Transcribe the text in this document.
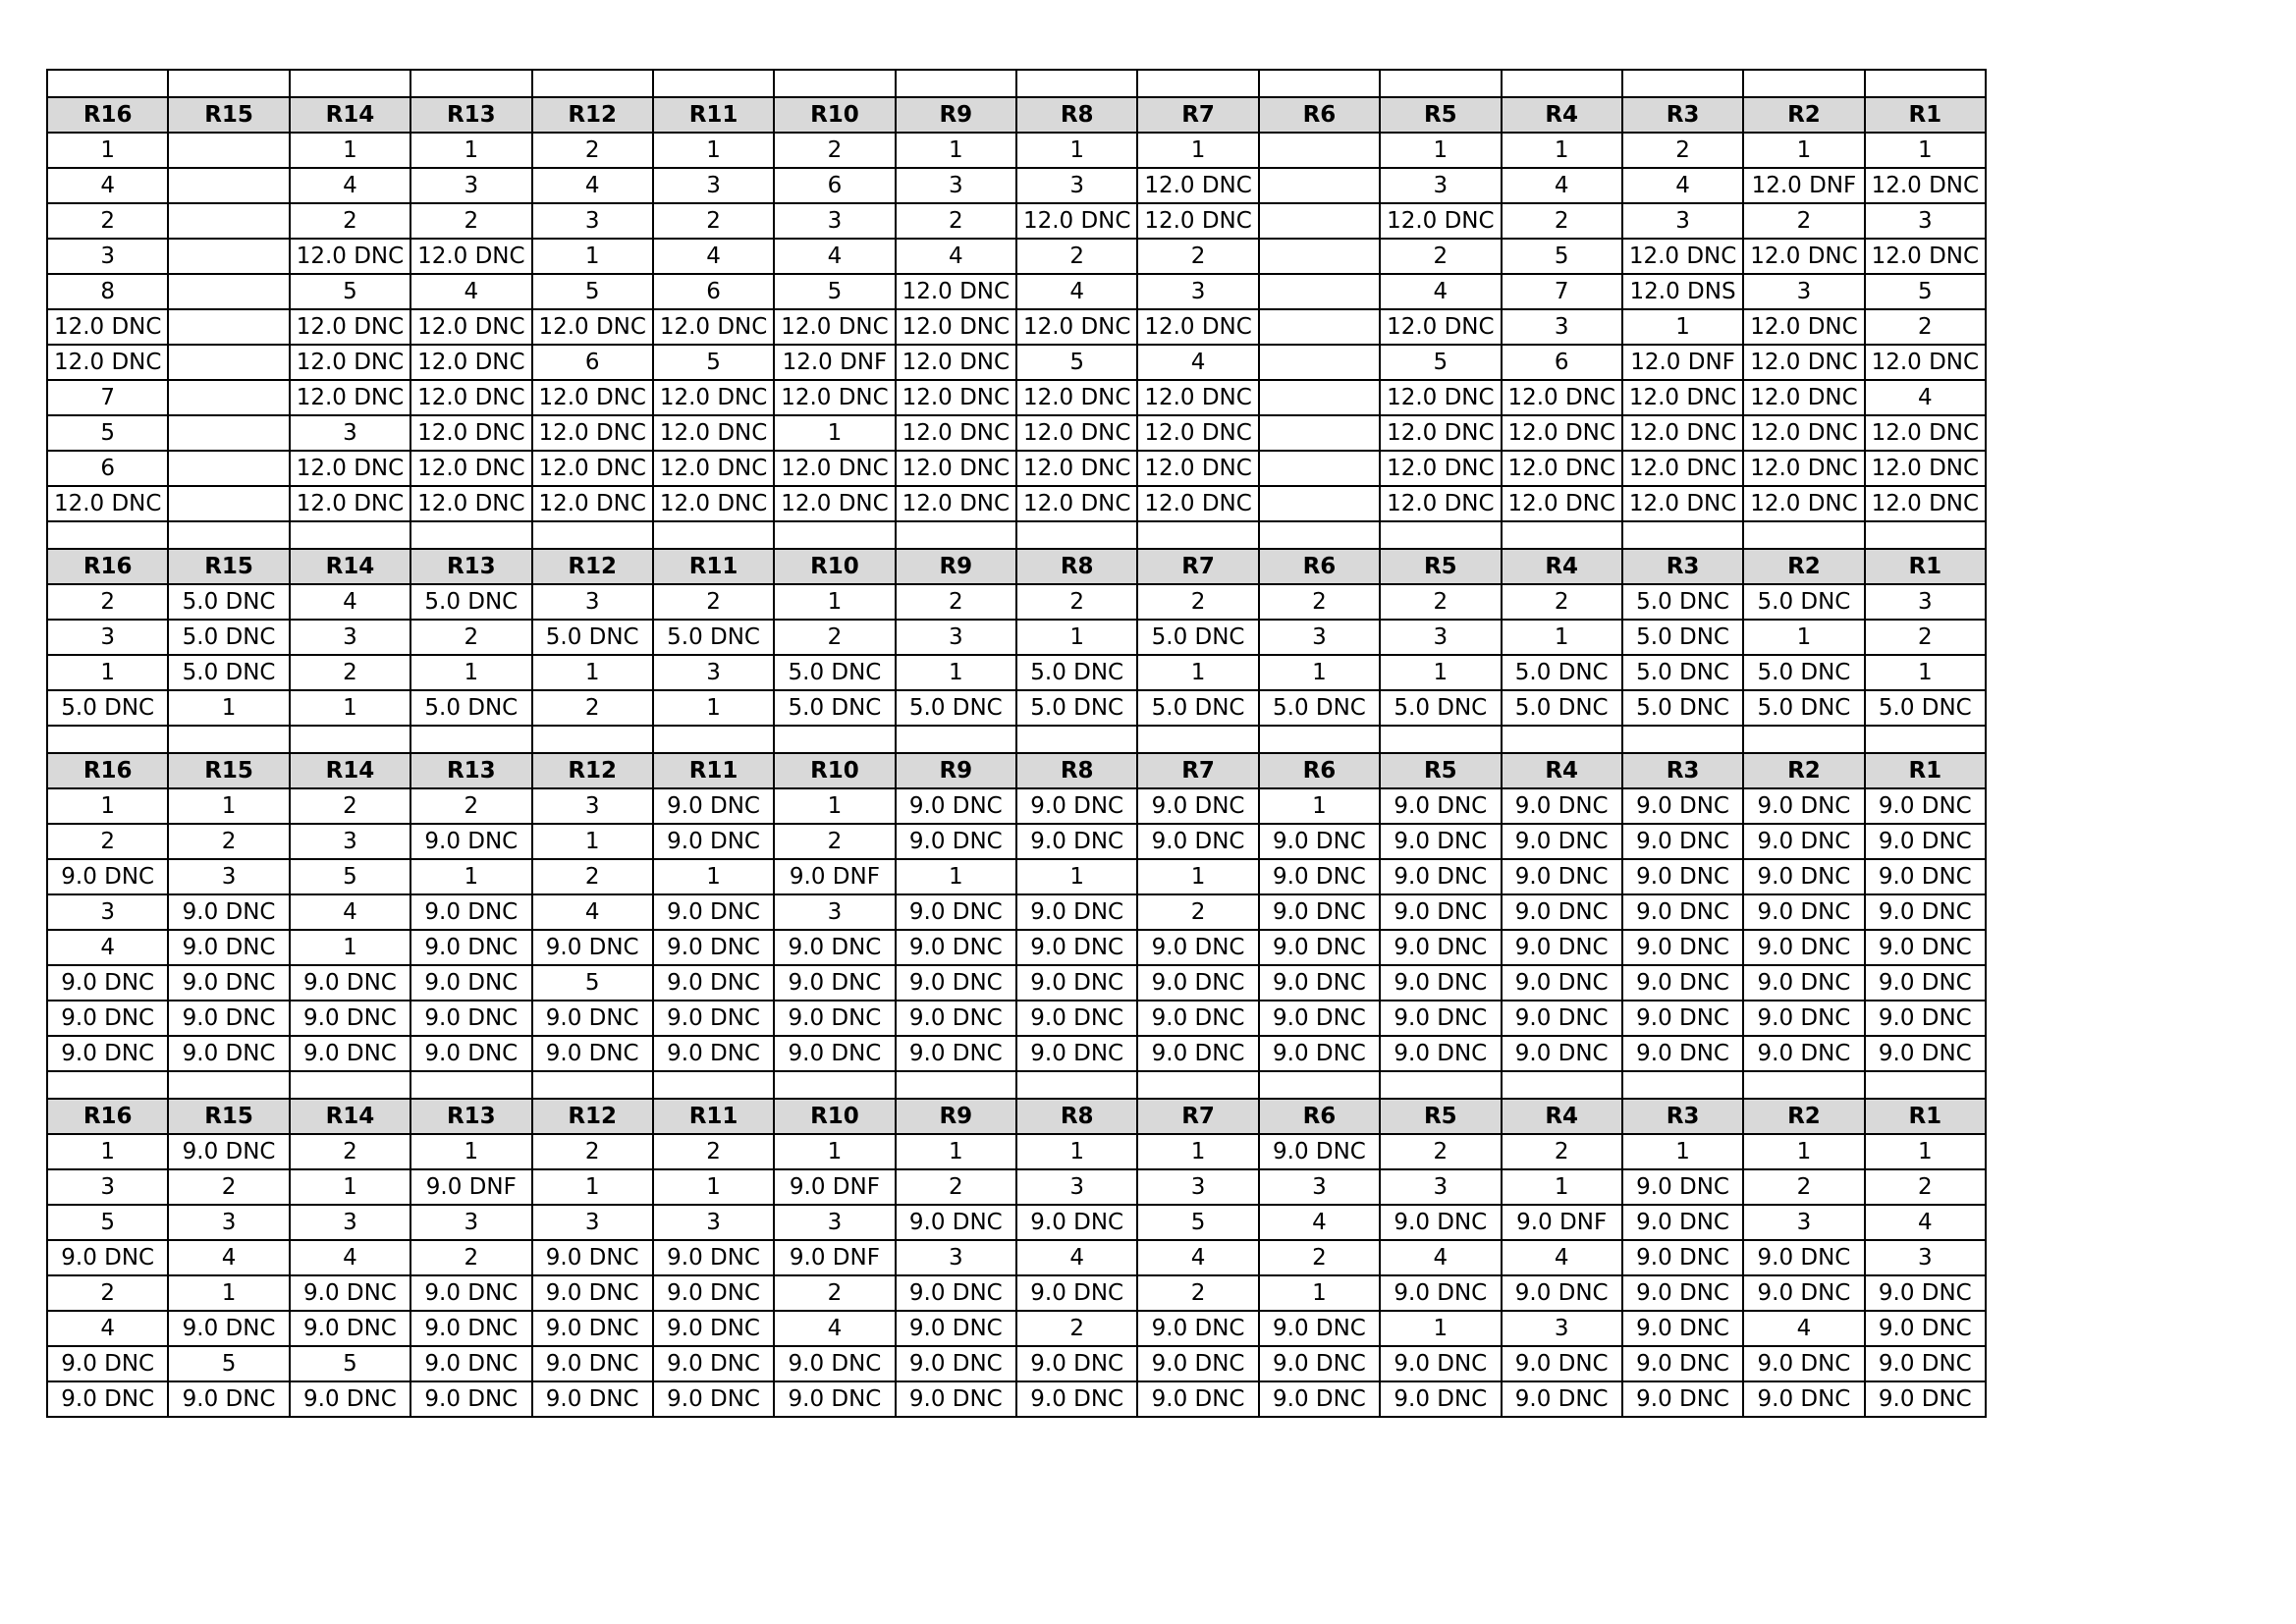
R16	R15	R14	R13	R12	R11	R10	R9	R8	R7	R6	R5	R4	R3	R2	R1
1		1	1	2	1	2	1	1	1		1	1	2	1	1
4		4	3	4	3	6	3	3	12.0 DNC		3	4	4	12.0 DNF	12.0 DNC
2		2	2	3	2	3	2	12.0 DNC	12.0 DNC		12.0 DNC	2	3	2	3
3		12.0 DNC	12.0 DNC	1	4	4	4	2	2		2	5	12.0 DNC	12.0 DNC	12.0 DNC
8		5	4	5	6	5	12.0 DNC	4	3		4	7	12.0 DNS	3	5
12.0 DNC		12.0 DNC	12.0 DNC	12.0 DNC	12.0 DNC	12.0 DNC	12.0 DNC	12.0 DNC	12.0 DNC		12.0 DNC	3	1	12.0 DNC	2
12.0 DNC		12.0 DNC	12.0 DNC	6	5	12.0 DNF	12.0 DNC	5	4		5	6	12.0 DNF	12.0 DNC	12.0 DNC
7		12.0 DNC	12.0 DNC	12.0 DNC	12.0 DNC	12.0 DNC	12.0 DNC	12.0 DNC	12.0 DNC		12.0 DNC	12.0 DNC	12.0 DNC	12.0 DNC	4
5		3	12.0 DNC	12.0 DNC	12.0 DNC	1	12.0 DNC	12.0 DNC	12.0 DNC		12.0 DNC	12.0 DNC	12.0 DNC	12.0 DNC	12.0 DNC
6		12.0 DNC	12.0 DNC	12.0 DNC	12.0 DNC	12.0 DNC	12.0 DNC	12.0 DNC	12.0 DNC		12.0 DNC	12.0 DNC	12.0 DNC	12.0 DNC	12.0 DNC
12.0 DNC		12.0 DNC	12.0 DNC	12.0 DNC	12.0 DNC	12.0 DNC	12.0 DNC	12.0 DNC	12.0 DNC		12.0 DNC	12.0 DNC	12.0 DNC	12.0 DNC	12.0 DNC

R16	R15	R14	R13	R12	R11	R10	R9	R8	R7	R6	R5	R4	R3	R2	R1
2	5.0 DNC	4	5.0 DNC	3	2	1	2	2	2	2	2	2	5.0 DNC	5.0 DNC	3
3	5.0 DNC	3	2	5.0 DNC	5.0 DNC	2	3	1	5.0 DNC	3	3	1	5.0 DNC	1	2
1	5.0 DNC	2	1	1	3	5.0 DNC	1	5.0 DNC	1	1	1	5.0 DNC	5.0 DNC	5.0 DNC	1
5.0 DNC	1	1	5.0 DNC	2	1	5.0 DNC	5.0 DNC	5.0 DNC	5.0 DNC	5.0 DNC	5.0 DNC	5.0 DNC	5.0 DNC	5.0 DNC	5.0 DNC

R16	R15	R14	R13	R12	R11	R10	R9	R8	R7	R6	R5	R4	R3	R2	R1
1	1	2	2	3	9.0 DNC	1	9.0 DNC	9.0 DNC	9.0 DNC	1	9.0 DNC	9.0 DNC	9.0 DNC	9.0 DNC	9.0 DNC
2	2	3	9.0 DNC	1	9.0 DNC	2	9.0 DNC	9.0 DNC	9.0 DNC	9.0 DNC	9.0 DNC	9.0 DNC	9.0 DNC	9.0 DNC	9.0 DNC
9.0 DNC	3	5	1	2	1	9.0 DNF	1	1	1	9.0 DNC	9.0 DNC	9.0 DNC	9.0 DNC	9.0 DNC	9.0 DNC
3	9.0 DNC	4	9.0 DNC	4	9.0 DNC	3	9.0 DNC	9.0 DNC	2	9.0 DNC	9.0 DNC	9.0 DNC	9.0 DNC	9.0 DNC	9.0 DNC
4	9.0 DNC	1	9.0 DNC	9.0 DNC	9.0 DNC	9.0 DNC	9.0 DNC	9.0 DNC	9.0 DNC	9.0 DNC	9.0 DNC	9.0 DNC	9.0 DNC	9.0 DNC	9.0 DNC
9.0 DNC	9.0 DNC	9.0 DNC	9.0 DNC	5	9.0 DNC	9.0 DNC	9.0 DNC	9.0 DNC	9.0 DNC	9.0 DNC	9.0 DNC	9.0 DNC	9.0 DNC	9.0 DNC	9.0 DNC
9.0 DNC	9.0 DNC	9.0 DNC	9.0 DNC	9.0 DNC	9.0 DNC	9.0 DNC	9.0 DNC	9.0 DNC	9.0 DNC	9.0 DNC	9.0 DNC	9.0 DNC	9.0 DNC	9.0 DNC	9.0 DNC
9.0 DNC	9.0 DNC	9.0 DNC	9.0 DNC	9.0 DNC	9.0 DNC	9.0 DNC	9.0 DNC	9.0 DNC	9.0 DNC	9.0 DNC	9.0 DNC	9.0 DNC	9.0 DNC	9.0 DNC	9.0 DNC

R16	R15	R14	R13	R12	R11	R10	R9	R8	R7	R6	R5	R4	R3	R2	R1
1	9.0 DNC	2	1	2	2	1	1	1	1	9.0 DNC	2	2	1	1	1
3	2	1	9.0 DNF	1	1	9.0 DNF	2	3	3	3	3	1	9.0 DNC	2	2
5	3	3	3	3	3	3	9.0 DNC	9.0 DNC	5	4	9.0 DNC	9.0 DNF	9.0 DNC	3	4
9.0 DNC	4	4	2	9.0 DNC	9.0 DNC	9.0 DNF	3	4	4	2	4	4	9.0 DNC	9.0 DNC	3
2	1	9.0 DNC	9.0 DNC	9.0 DNC	9.0 DNC	2	9.0 DNC	9.0 DNC	2	1	9.0 DNC	9.0 DNC	9.0 DNC	9.0 DNC	9.0 DNC
4	9.0 DNC	9.0 DNC	9.0 DNC	9.0 DNC	9.0 DNC	4	9.0 DNC	2	9.0 DNC	9.0 DNC	1	3	9.0 DNC	4	9.0 DNC
9.0 DNC	5	5	9.0 DNC	9.0 DNC	9.0 DNC	9.0 DNC	9.0 DNC	9.0 DNC	9.0 DNC	9.0 DNC	9.0 DNC	9.0 DNC	9.0 DNC	9.0 DNC	9.0 DNC
9.0 DNC	9.0 DNC	9.0 DNC	9.0 DNC	9.0 DNC	9.0 DNC	9.0 DNC	9.0 DNC	9.0 DNC	9.0 DNC	9.0 DNC	9.0 DNC	9.0 DNC	9.0 DNC	9.0 DNC	9.0 DNC
